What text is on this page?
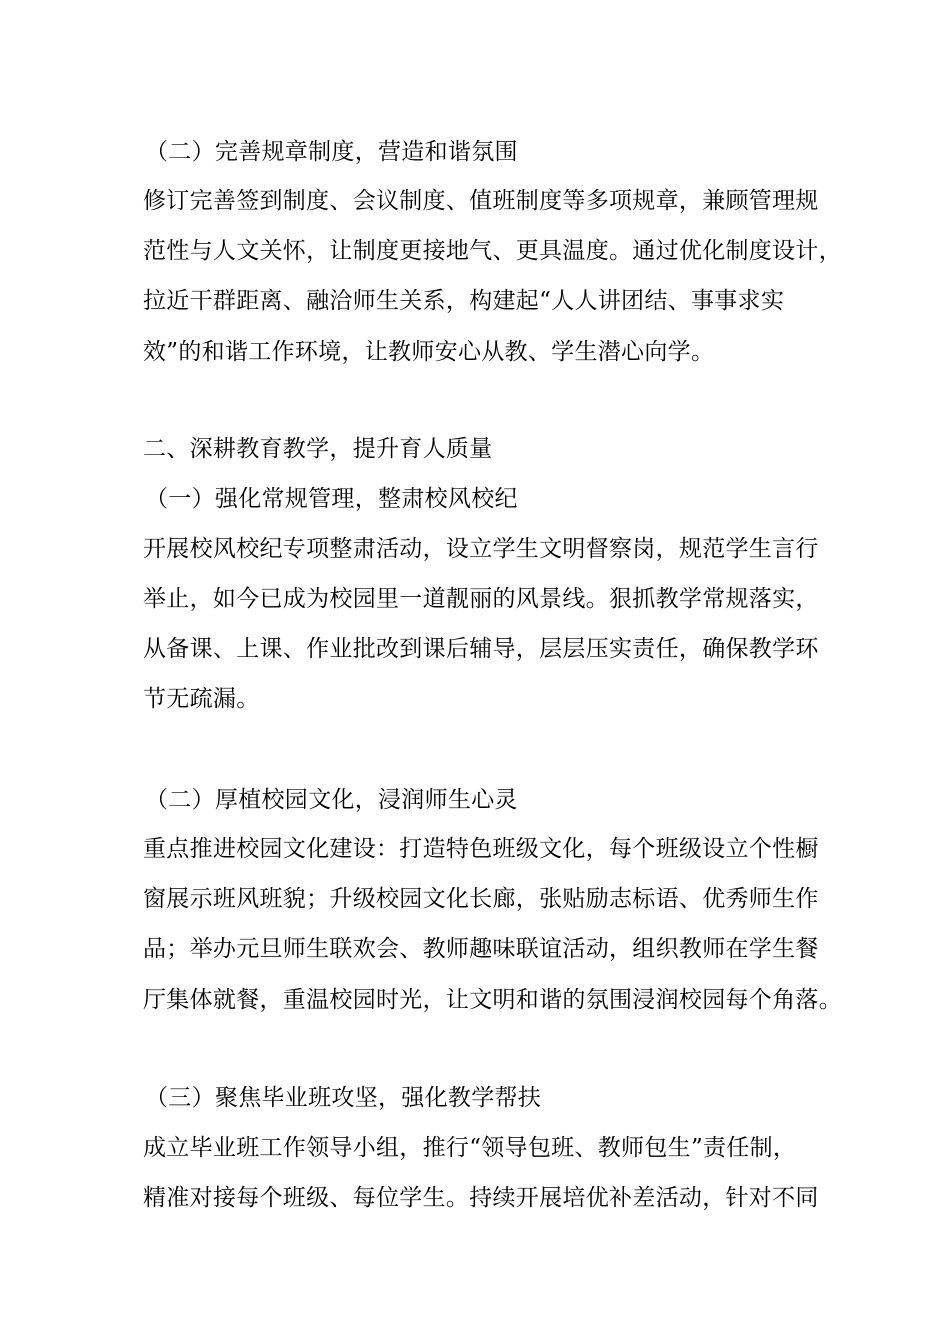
（二）完善规章制度，营造和谐氛围
修订完善签到制度、会议制度、值班制度等多项规章，兼顾管理规
范性与人文关怀，让制度更接地气、更具温度。通过优化制度设计，
拉近干群距离、融洽师生关系，构建起“人人讲团结、事事求实
效”的和谐工作环境，让教师安心从教、学生潜心向学。
二、深耕教育教学，提升育人质量
（一）强化常规管理，整肃校风校纪
开展校风校纪专项整肃活动，设立学生文明督察岗，规范学生言行
举止，如今已成为校园里一道靓丽的风景线。狠抓教学常规落实，
从备课、上课、作业批改到课后辅导，层层压实责任，确保教学环
节无疏漏。
（二）厚植校园文化，浸润师生心灵
重点推进校园文化建设：打造特色班级文化，每个班级设立个性橱
窗展示班风班貌；升级校园文化长廊，张贴励志标语、优秀师生作
品；举办元旦师生联欢会、教师趣味联谊活动，组织教师在学生餐
厅集体就餐，重温校园时光，让文明和谐的氛围浸润校园每个角落。
（三）聚焦毕业班攻坚，强化教学帮扶
成立毕业班工作领导小组，推行“领导包班、教师包生”责任制，
精准对接每个班级、每位学生。持续开展培优补差活动，针对不同
